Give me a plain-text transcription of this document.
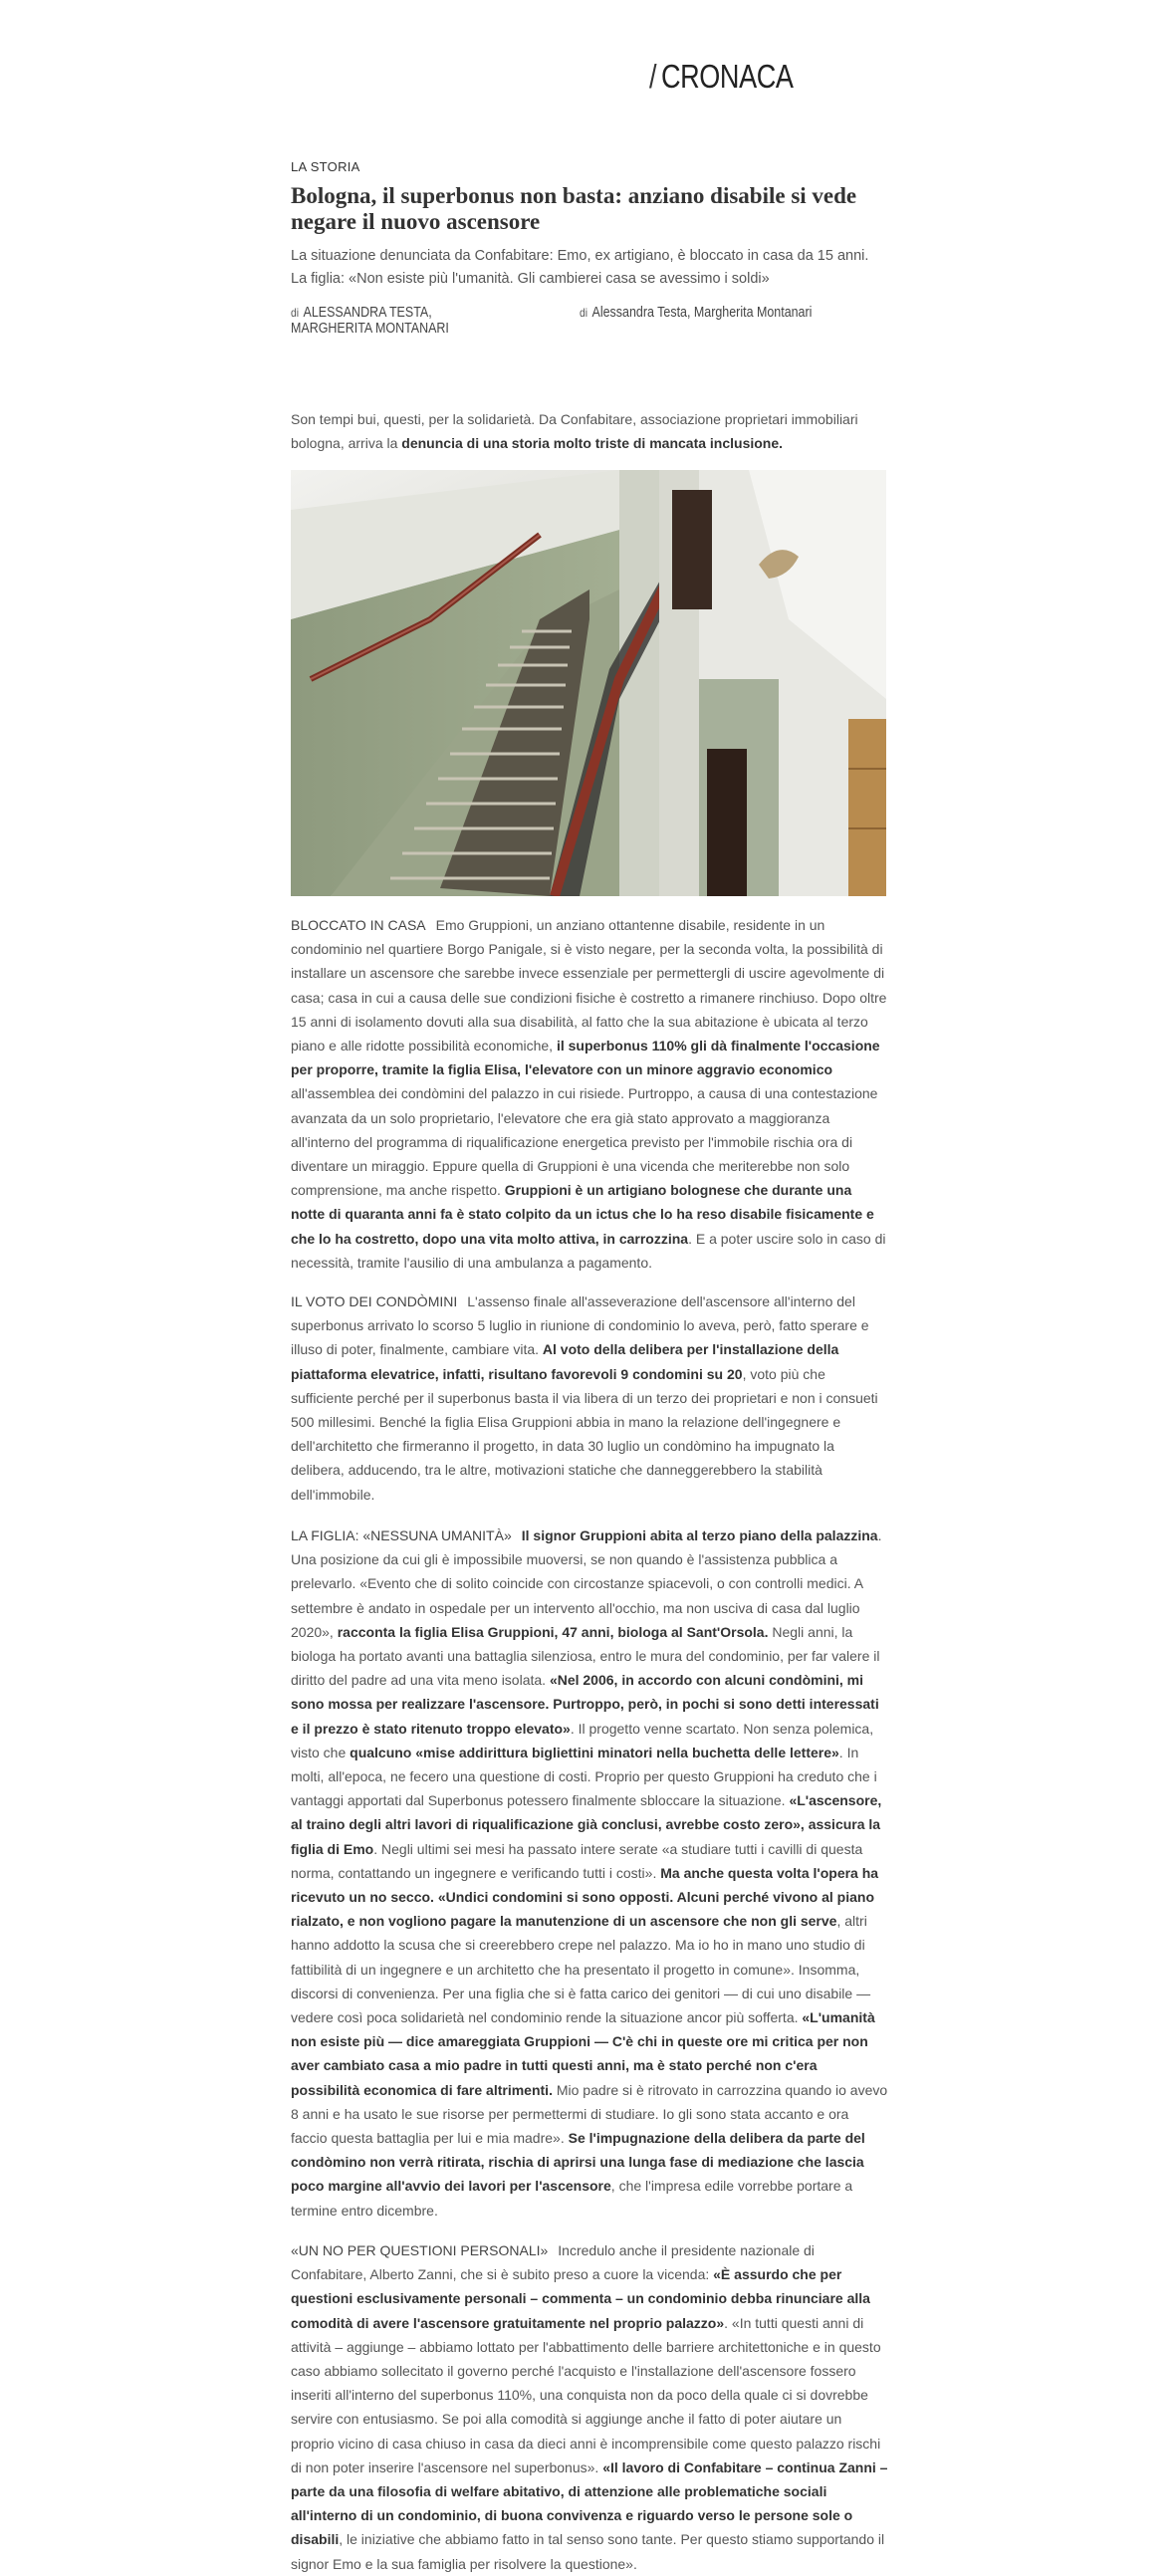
/ CRONACA
LA STORIA
Bologna, il superbonus non basta: anziano disabile si vede negare il nuovo ascensore
La situazione denunciata da Confabitare: Emo, ex artigiano, è bloccato in casa da 15 anni. La figlia: «Non esiste più l'umanità. Gli cambierei casa se avessimo i soldi»
di ALESSANDRA TESTA, MARGHERITA MONTANARI
di Alessandra Testa, Margherita Montanari
Son tempi bui, questi, per la solidarietà. Da Confabitare, associazione proprietari immobiliari bologna, arriva la denuncia di una storia molto triste di mancata inclusione.
BLOCCATO IN CASA Emo Gruppioni, un anziano ottantenne disabile, residente in un condominio nel quartiere Borgo Panigale, si è visto negare, per la seconda volta, la possibilità di installare un ascensore che sarebbe invece essenziale per permettergli di uscire agevolmente di casa; casa in cui a causa delle sue condizioni fisiche è costretto a rimanere rinchiuso. Dopo oltre 15 anni di isolamento dovuti alla sua disabilità, al fatto che la sua abitazione è ubicata al terzo piano e alle ridotte possibilità economiche, il superbonus 110% gli dà finalmente l'occasione per proporre, tramite la figlia Elisa, l'elevatore con un minore aggravio economico all'assemblea dei condòmini del palazzo in cui risiede. Purtroppo, a causa di una contestazione avanzata da un solo proprietario, l'elevatore che era già stato approvato a maggioranza all'interno del programma di riqualificazione energetica previsto per l'immobile rischia ora di diventare un miraggio. Eppure quella di Gruppioni è una vicenda che meriterebbe non solo comprensione, ma anche rispetto. Gruppioni è un artigiano bolognese che durante una notte di quaranta anni fa è stato colpito da un ictus che lo ha reso disabile fisicamente e che lo ha costretto, dopo una vita molto attiva, in carrozzina. E a poter uscire solo in caso di necessità, tramite l'ausilio di una ambulanza a pagamento.
IL VOTO DEI CONDÒMINI L'assenso finale all'asseverazione dell'ascensore all'interno del superbonus arrivato lo scorso 5 luglio in riunione di condominio lo aveva, però, fatto sperare e illuso di poter, finalmente, cambiare vita. Al voto della delibera per l'installazione della piattaforma elevatrice, infatti, risultano favorevoli 9 condomini su 20, voto più che sufficiente perché per il superbonus basta il via libera di un terzo dei proprietari e non i consueti 500 millesimi. Benché la figlia Elisa Gruppioni abbia in mano la relazione dell'ingegnere e dell'architetto che firmeranno il progetto, in data 30 luglio un condòmino ha impugnato la delibera, adducendo, tra le altre, motivazioni statiche che danneggerebbero la stabilità dell'immobile.
LA FIGLIA: «NESSUNA UMANITÀ» Il signor Gruppioni abita al terzo piano della palazzina. Una posizione da cui gli è impossibile muoversi, se non quando è l'assistenza pubblica a prelevarlo. «Evento che di solito coincide con circostanze spiacevoli, o con controlli medici. A settembre è andato in ospedale per un intervento all'occhio, ma non usciva di casa dal luglio 2020», racconta la figlia Elisa Gruppioni, 47 anni, biologa al Sant'Orsola. Negli anni, la biologa ha portato avanti una battaglia silenziosa, entro le mura del condominio, per far valere il diritto del padre ad una vita meno isolata. «Nel 2006, in accordo con alcuni condòmini, mi sono mossa per realizzare l'ascensore. Purtroppo, però, in pochi si sono detti interessati e il prezzo è stato ritenuto troppo elevato». Il progetto venne scartato. Non senza polemica, visto che qualcuno «mise addirittura bigliettini minatori nella buchetta delle lettere». In molti, all'epoca, ne fecero una questione di costi. Proprio per questo Gruppioni ha creduto che i vantaggi apportati dal Superbonus potessero finalmente sbloccare la situazione. «L'ascensore, al traino degli altri lavori di riqualificazione già conclusi, avrebbe costo zero», assicura la figlia di Emo. Negli ultimi sei mesi ha passato intere serate «a studiare tutti i cavilli di questa norma, contattando un ingegnere e verificando tutti i costi». Ma anche questa volta l'opera ha ricevuto un no secco. «Undici condomini si sono opposti. Alcuni perché vivono al piano rialzato, e non vogliono pagare la manutenzione di un ascensore che non gli serve, altri hanno addotto la scusa che si creerebbero crepe nel palazzo. Ma io ho in mano uno studio di fattibilità di un ingegnere e un architetto che ha presentato il progetto in comune». Insomma, discorsi di convenienza. Per una figlia che si è fatta carico dei genitori — di cui uno disabile — vedere così poca solidarietà nel condominio rende la situazione ancor più sofferta. «L'umanità non esiste più — dice amareggiata Gruppioni — C'è chi in queste ore mi critica per non aver cambiato casa a mio padre in tutti questi anni, ma è stato perché non c'era possibilità economica di fare altrimenti. Mio padre si è ritrovato in carrozzina quando io avevo 8 anni e ha usato le sue risorse per permettermi di studiare. Io gli sono stata accanto e ora faccio questa battaglia per lui e mia madre». Se l'impugnazione della delibera da parte del condòmino non verrà ritirata, rischia di aprirsi una lunga fase di mediazione che lascia poco margine all'avvio dei lavori per l'ascensore, che l'impresa edile vorrebbe portare a termine entro dicembre.
«UN NO PER QUESTIONI PERSONALI» Incredulo anche il presidente nazionale di Confabitare, Alberto Zanni, che si è subito preso a cuore la vicenda: «È assurdo che per questioni esclusivamente personali – commenta – un condominio debba rinunciare alla comodità di avere l'ascensore gratuitamente nel proprio palazzo». «In tutti questi anni di attività – aggiunge – abbiamo lottato per l'abbattimento delle barriere architettoniche e in questo caso abbiamo sollecitato il governo perché l'acquisto e l'installazione dell'ascensore fossero inseriti all'interno del superbonus 110%, una conquista non da poco della quale ci si dovrebbe servire con entusiasmo. Se poi alla comodità si aggiunge anche il fatto di poter aiutare un proprio vicino di casa chiuso in casa da dieci anni è incomprensibile come questo palazzo rischi di non poter inserire l'ascensore nel superbonus». «Il lavoro di Confabitare – continua Zanni – parte da una filosofia di welfare abitativo, di attenzione alle problematiche sociali all'interno di un condominio, di buona convivenza e riguardo verso le persone sole o disabili, le iniziative che abbiamo fatto in tal senso sono tante. Per questo stiamo supportando il signor Emo e la sua famiglia per risolvere la questione».
